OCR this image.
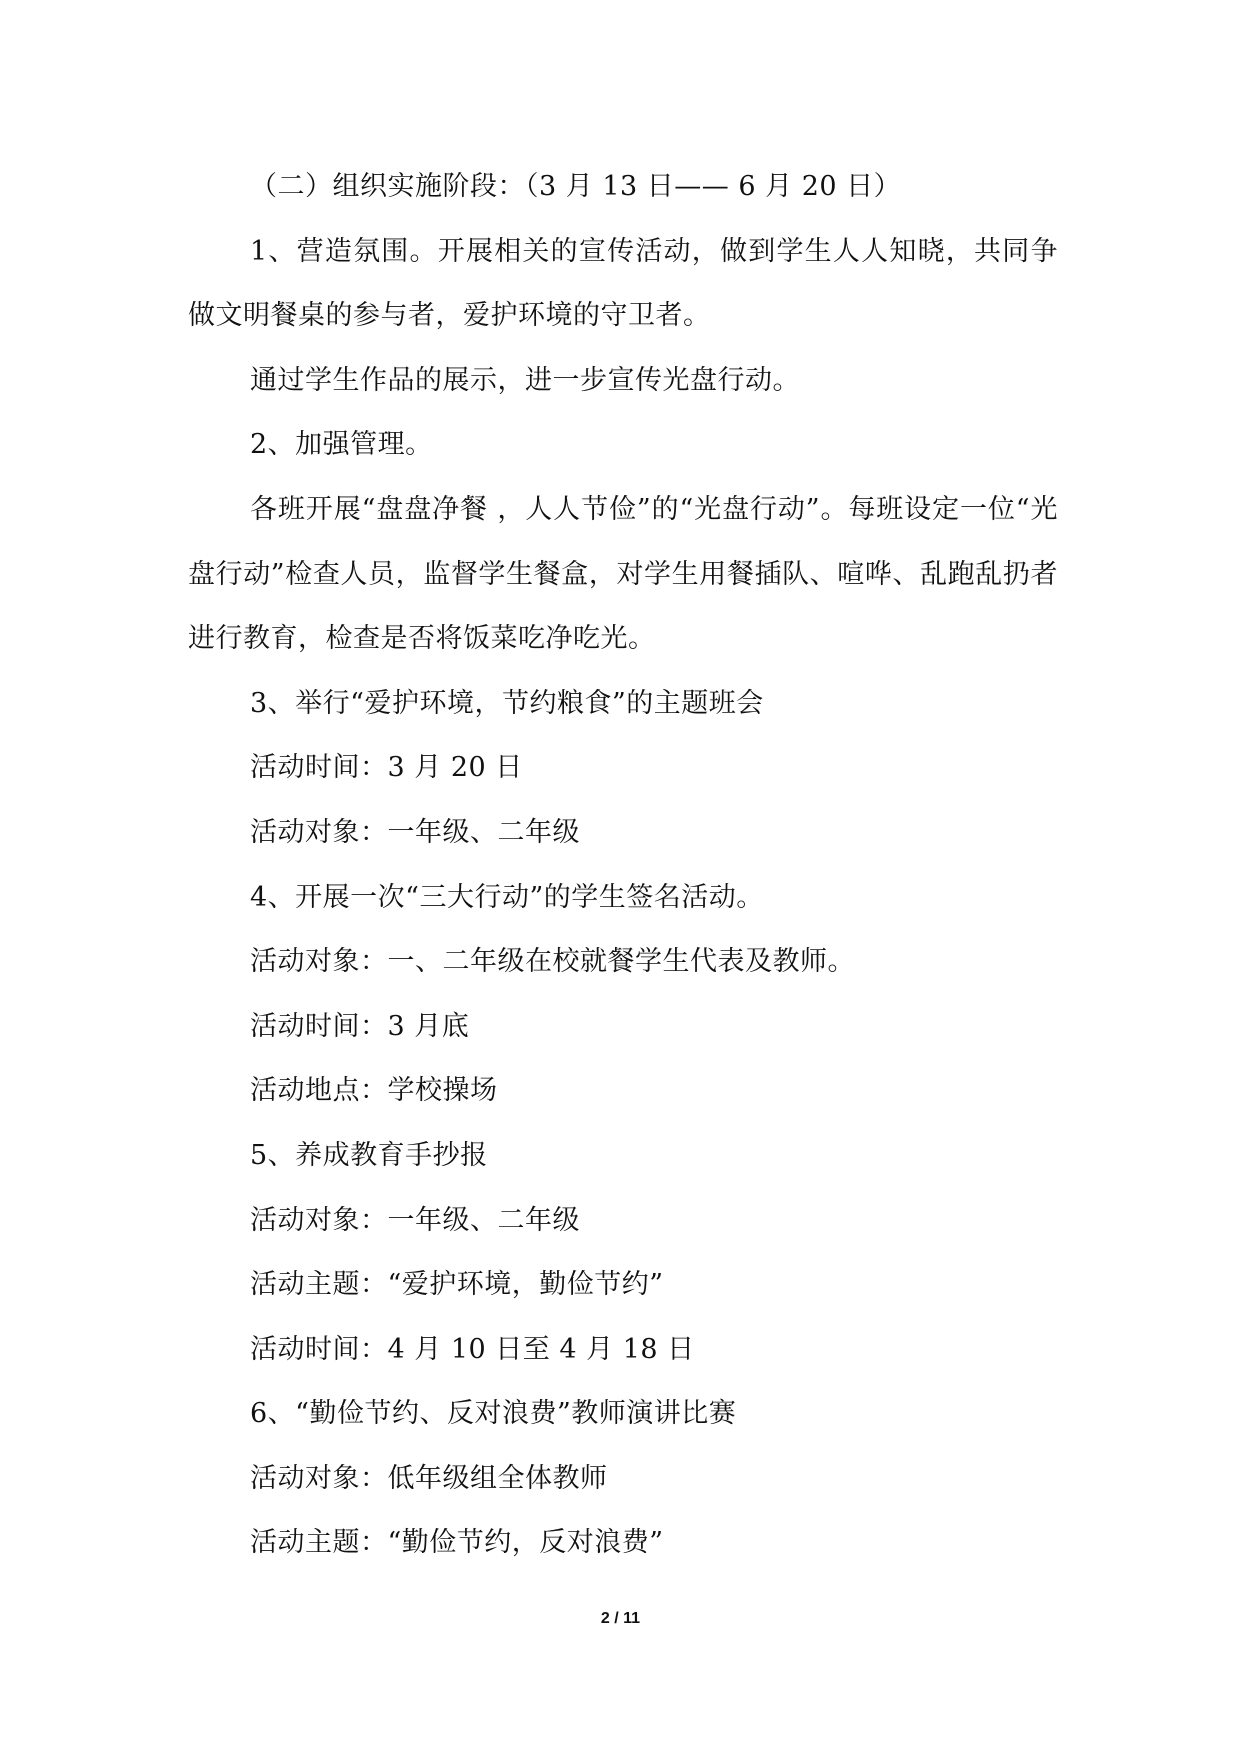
（二）组织实施阶段：（3 月 13 日—— 6 月 20 日）

1、营造氛围。开展相关的宣传活动，做到学生人人知晓，共同争做文明餐桌的参与者，爱护环境的守卫者。

通过学生作品的展示，进一步宣传光盘行动。

2、加强管理。

各班开展“盘盘净餐 ，人人节俭”的“光盘行动”。每班设定一位“光盘行动”检查人员，监督学生餐盒，对学生用餐插队、喧哗、乱跑乱扔者进行教育，检查是否将饭菜吃净吃光。

3、举行“爱护环境，节约粮食”的主题班会

活动时间：3 月 20 日

活动对象：一年级、二年级

4、开展一次“三大行动”的学生签名活动。

活动对象：一、二年级在校就餐学生代表及教师。

活动时间：3 月底

活动地点：学校操场

5、养成教育手抄报

活动对象：一年级、二年级

活动主题：“爱护环境，勤俭节约”

活动时间：4 月 10 日至 4 月 18 日

6、“勤俭节约、反对浪费”教师演讲比赛

活动对象：低年级组全体教师

活动主题：“勤俭节约，反对浪费”

2 / 11
